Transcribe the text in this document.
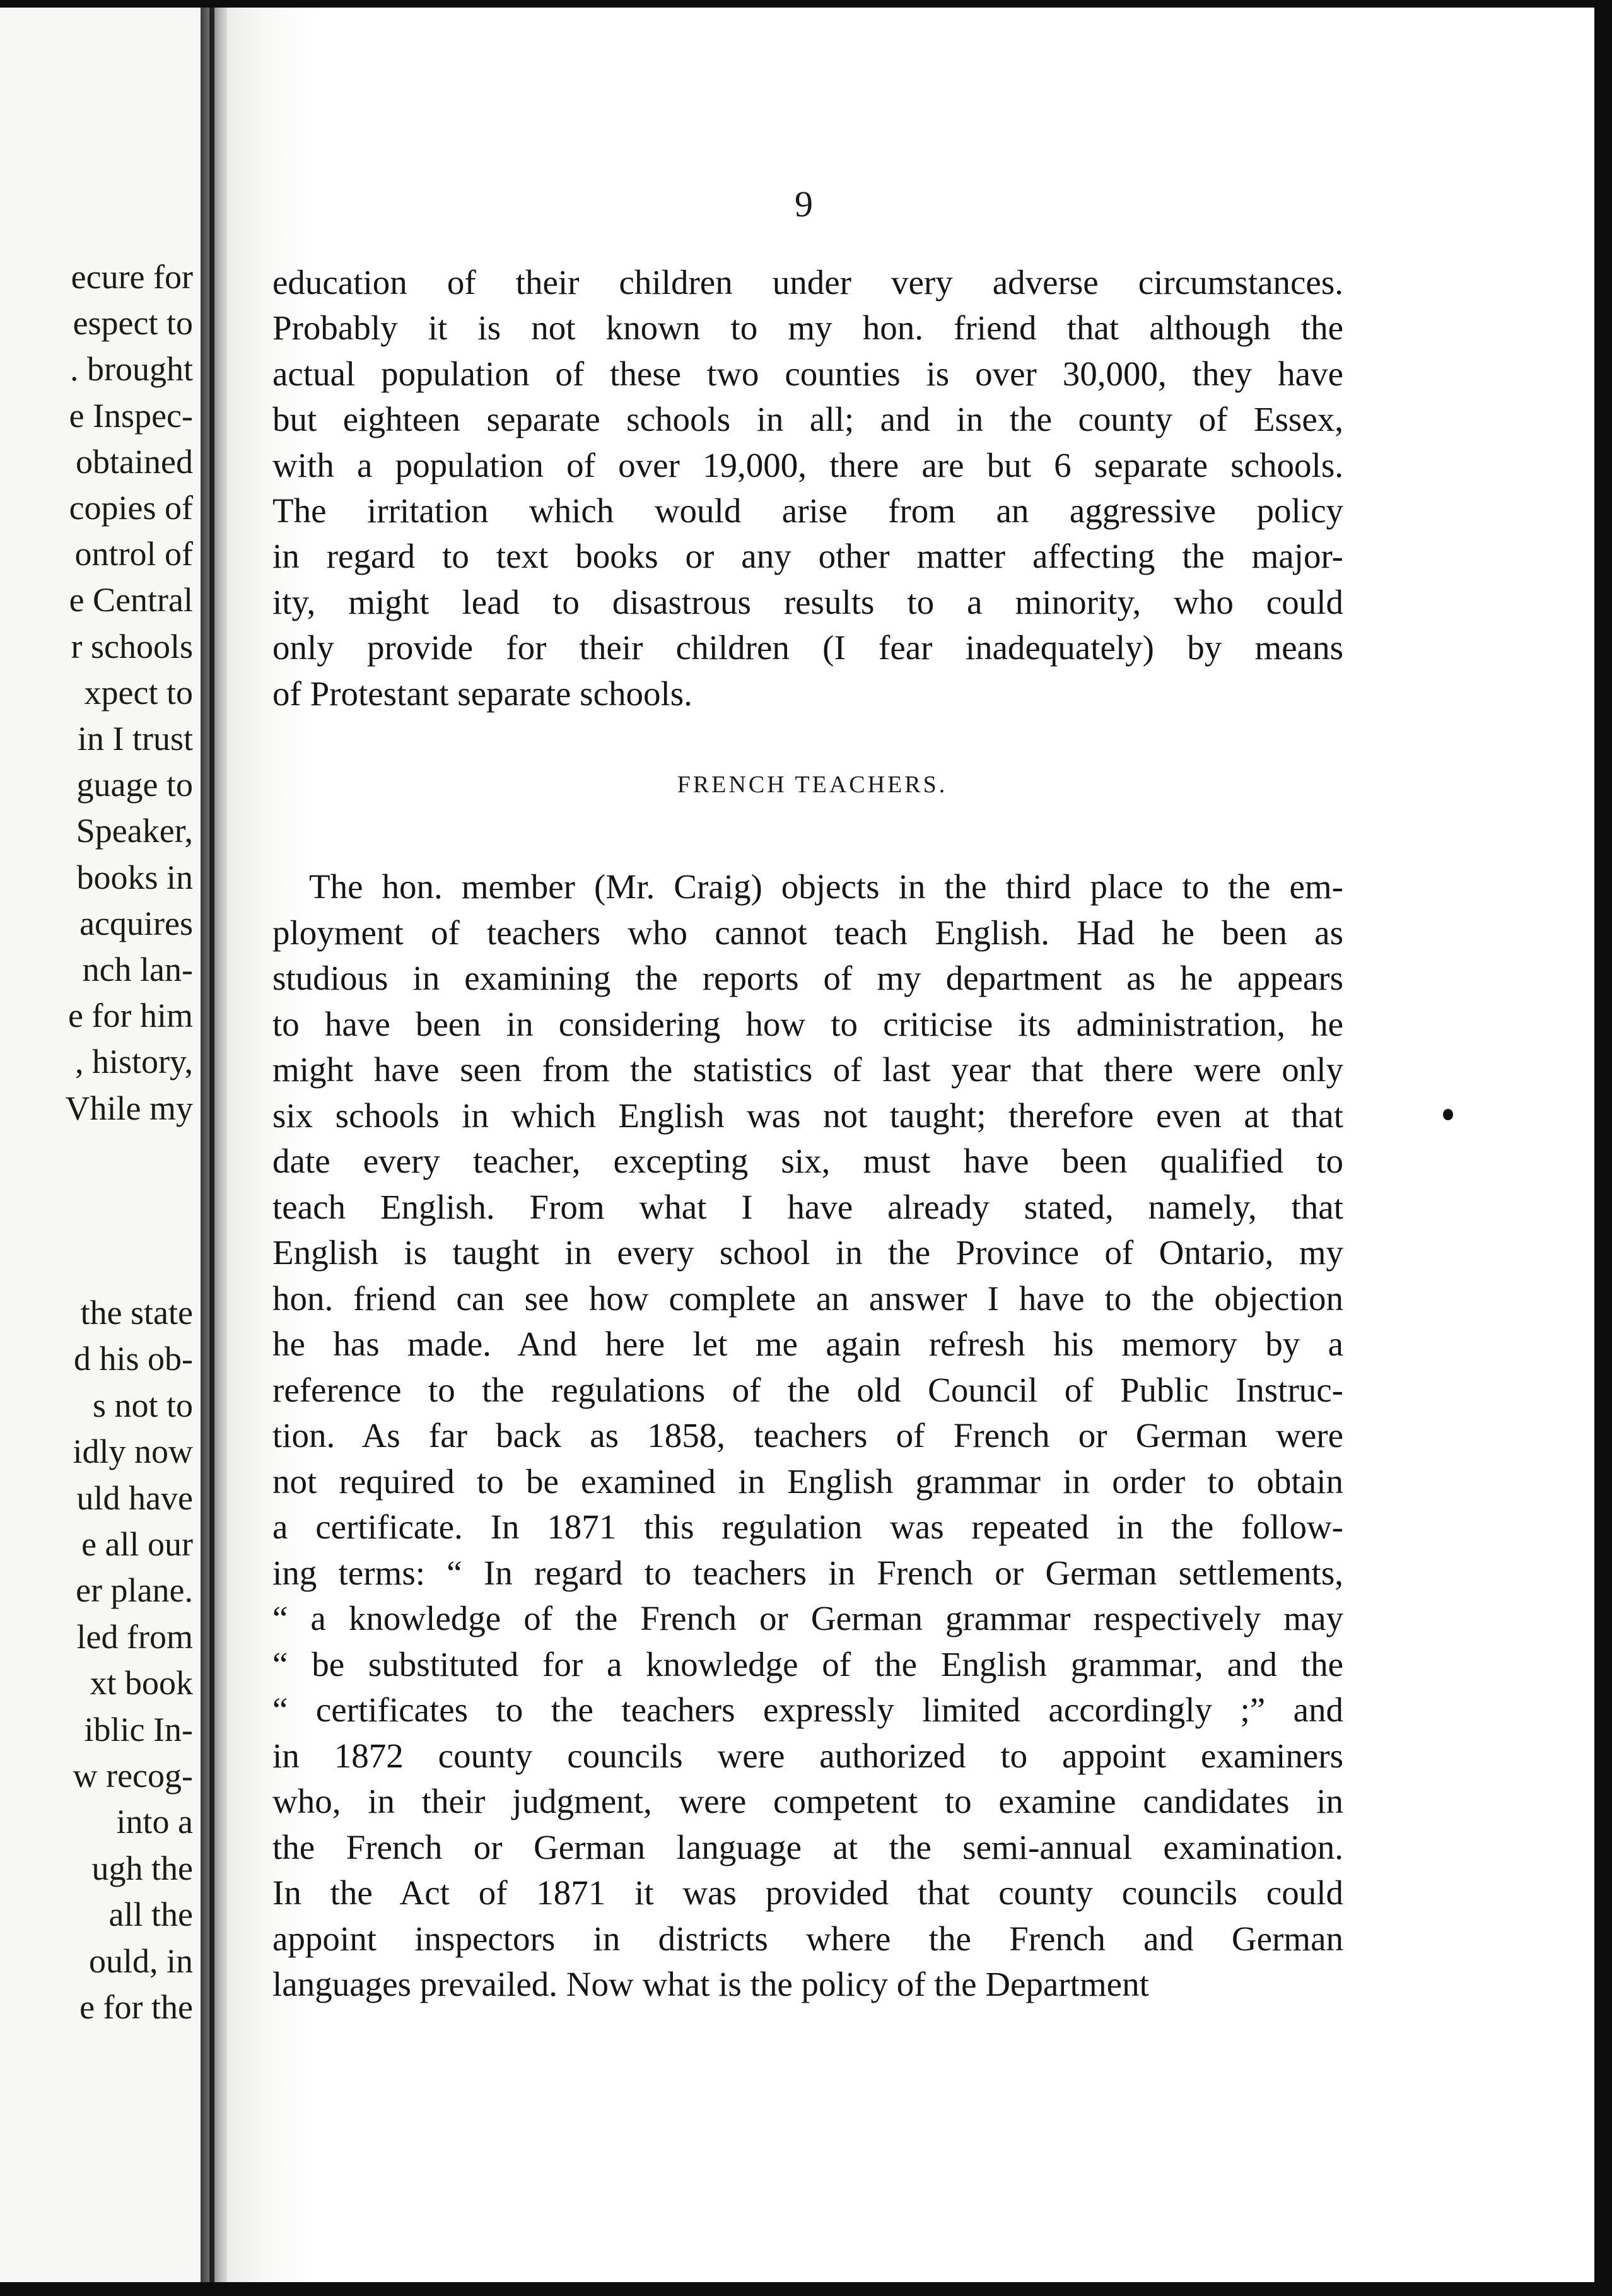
ecure for
espect to
. brought
e Inspec-
obtained
copies of
ontrol of
e Central
r schools
xpect to
in I trust
guage to
Speaker,
books in
acquires
nch lan-
e for him
, history,
Vhile my
the state
d his ob-
s not to
idly now
uld have
e all our
er plane.
led from
xt book
iblic In-
w recog-
into a
ugh the
all the
ould, in
e for the
9
education of their children under very adverse circumstances.
Probably it is not known to my hon. friend that although the
actual population of these two counties is over 30,000, they have
but eighteen separate schools in all; and in the county of Essex,
with a population of over 19,000, there are but 6 separate schools.
The irritation which would arise from an aggressive policy
in regard to text books or any other matter affecting the major-
ity, might lead to disastrous results to a minority, who could
only provide for their children (I fear inadequately) by means
of Protestant separate schools.
FRENCH TEACHERS.
The hon. member (Mr. Craig) objects in the third place to the em-
ployment of teachers who cannot teach English. Had he been as
studious in examining the reports of my department as he appears
to have been in considering how to criticise its administration, he
might have seen from the statistics of last year that there were only
six schools in which English was not taught; therefore even at that
date every teacher, excepting six, must have been qualified to
teach English. From what I have already stated, namely, that
English is taught in every school in the Province of Ontario, my
hon. friend can see how complete an answer I have to the objection
he has made. And here let me again refresh his memory by a
reference to the regulations of the old Council of Public Instruc-
tion. As far back as 1858, teachers of French or German were
not required to be examined in English grammar in order to obtain
a certificate. In 1871 this regulation was repeated in the follow-
ing terms: “ In regard to teachers in French or German settlements,
“ a knowledge of the French or German grammar respectively may
“ be substituted for a knowledge of the English grammar, and the
“ certificates to the teachers expressly limited accordingly ;” and
in 1872 county councils were authorized to appoint examiners
who, in their judgment, were competent to examine candidates in
the French or German language at the semi-annual examination.
In the Act of 1871 it was provided that county councils could
appoint inspectors in districts where the French and German
languages prevailed. Now what is the policy of the Department
